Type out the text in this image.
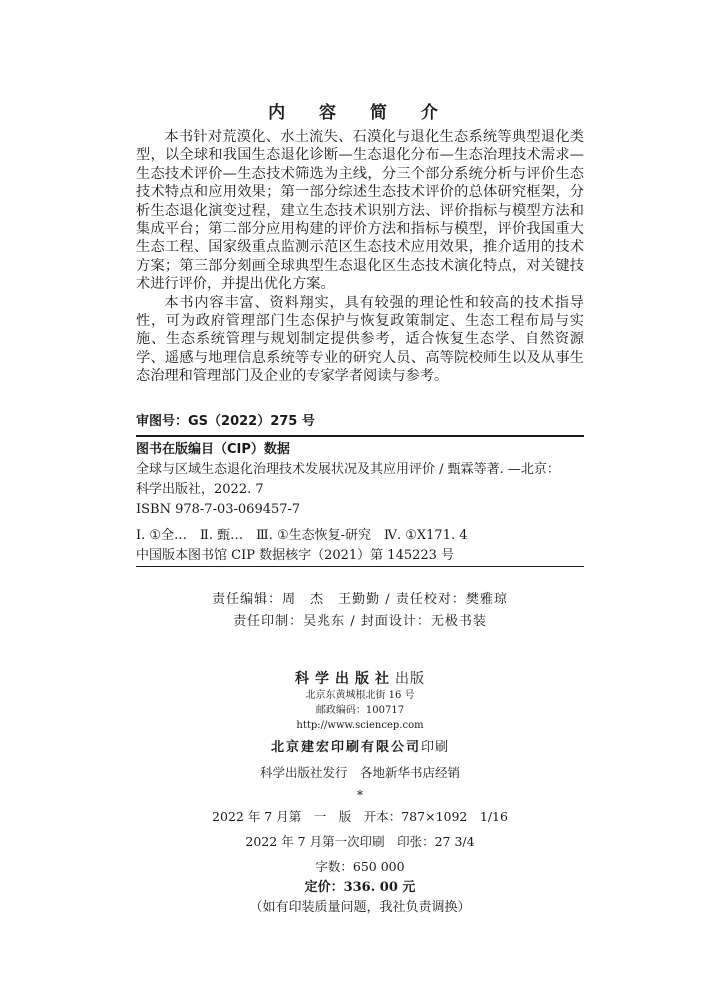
内 容 简 介

本书针对荒漠化、水土流失、石漠化与退化生态系统等典型退化类型，以全球和我国生态退化诊断—生态退化分布—生态治理技术需求—生态技术评价—生态技术筛选为主线，分三个部分系统分析与评价生态技术特点和应用效果；第一部分综述生态技术评价的总体研究框架，分析生态退化演变过程，建立生态技术识别方法、评价指标与模型方法和集成平台；第二部分应用构建的评价方法和指标与模型，评价我国重大生态工程、国家级重点监测示范区生态技术应用效果，推介适用的技术方案；第三部分刻画全球典型生态退化区生态技术演化特点，对关键技术进行评价，并提出优化方案。

本书内容丰富、资料翔实，具有较强的理论性和较高的技术指导性，可为政府管理部门生态保护与恢复政策制定、生态工程布局与实施、生态系统管理与规划制定提供参考，适合恢复生态学、自然资源学、遥感与地理信息系统等专业的研究人员、高等院校师生以及从事生态治理和管理部门及企业的专家学者阅读与参考。

审图号：GS（2022）275 号
图书在版编目（CIP）数据
全球与区域生态退化治理技术发展状况及其应用评价 / 甄霖等著. —北京：
科学出版社，2022. 7
ISBN 978-7-03-069457-7
Ⅰ. ①全…　Ⅱ. 甄…　Ⅲ. ①生态恢复-研究　Ⅳ. ①X171. 4
中国版本图书馆 CIP 数据核字（2021）第 145223 号
责任编辑：周　杰　王勤勤 / 责任校对：樊雅琼
责任印制：吴兆东 / 封面设计：无极书装
科学出版社出版
北京东黄城根北街 16 号
邮政编码：100717
http://www.sciencep.com
北京建宏印刷有限公司印刷
科学出版社发行　各地新华书店经销
*
2022 年 7 月第　一　版　开本：787×1092　1/16
2022 年 7 月第一次印刷　印张：27 3/4
字数：650 000
定价：336. 00 元
（如有印装质量问题，我社负责调换）
